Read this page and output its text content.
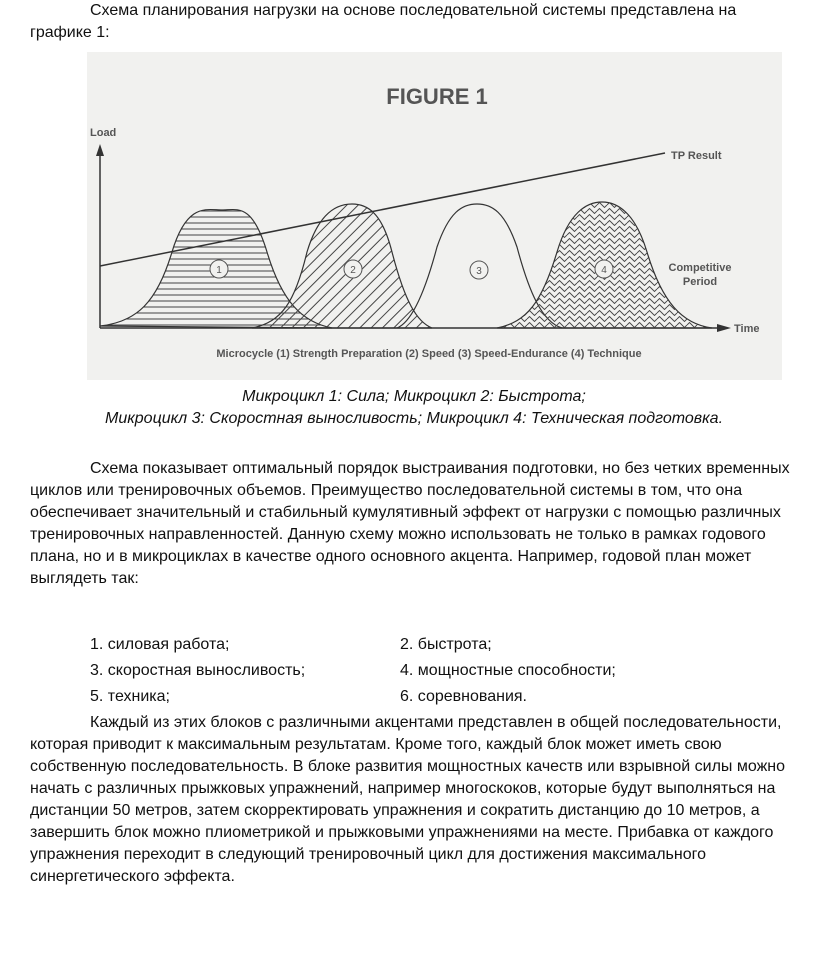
Схема планирования нагрузки на основе последовательной системы представлена на графике 1:

FIGURE 1
Load
Time
TP Result
1	2	3	4	Competitive
Period
Microcycle (1) Strength Preparation (2) Speed (3) Speed-Endurance (4) Technique
Микроцикл 1: Сила; Микроцикл 2: Быстрота;
Микроцикл 3: Скоростная выносливость; Микроцикл 4: Техническая подготовка.

Схема показывает оптимальный порядок выстраивания подготовки, но без четких временных циклов или тренировочных объемов. Преимущество последовательной системы в том, что она обеспечивает значительный и стабильный кумулятивный эффект от нагрузки с помощью различных тренировочных направленностей. Данную схему можно использовать не только в рамках годового плана, но и в микроциклах в качестве одного основного акцента. Например, годовой план может выглядеть так:

1. силовая работа;	2. быстрота;
3. скоростная выносливость;	4. мощностные способности;
5. техника;	6. соревнования.

Каждый из этих блоков с различными акцентами представлен в общей последовательности, которая приводит к максимальным результатам. Кроме того, каждый блок может иметь свою собственную последовательность. В блоке развития мощностных качеств или взрывной силы можно начать с различных прыжковых упражнений, например многоскоков, которые будут выполняться на дистанции 50 метров, затем скорректировать упражнения и сократить дистанцию до 10 метров, а завершить блок можно плиометрикой и прыжковыми упражнениями на месте. Прибавка от каждого упражнения переходит в следующий тренировочный цикл для достижения максимального синергетического эффекта.
